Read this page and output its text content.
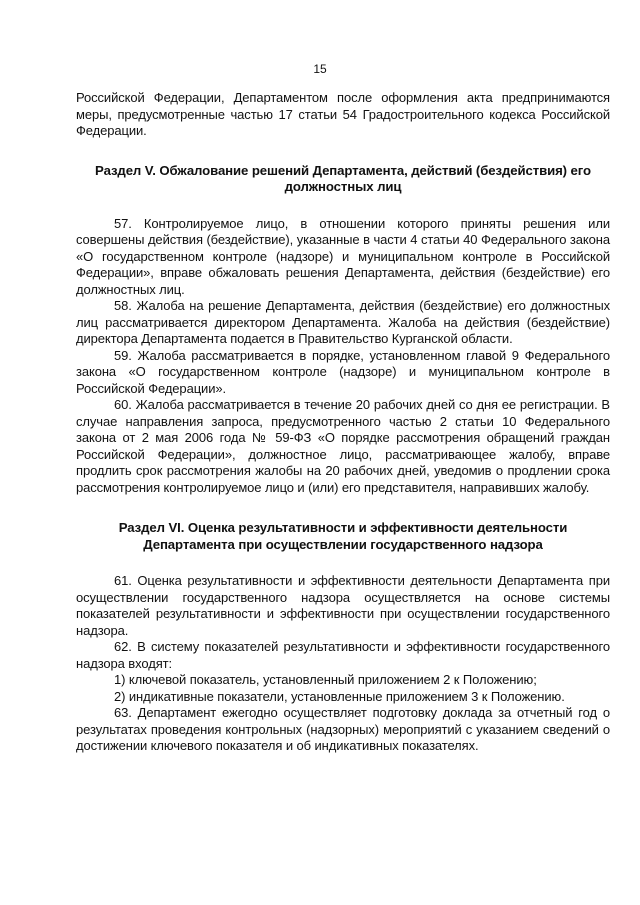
15

Российской Федерации, Департаментом после оформления акта предпринимаются меры, предусмотренные частью 17 статьи 54 Градостроительного кодекса Российской Федерации.

Раздел V. Обжалование решений Департамента, действий (бездействия) его должностных лиц

57. Контролируемое лицо, в отношении которого приняты решения или совершены действия (бездействие), указанные в части 4 статьи 40 Федерального закона «О государственном контроле (надзоре) и муниципальном контроле в Российской Федерации», вправе обжаловать решения Департамента, действия (бездействие) его должностных лиц.

58. Жалоба на решение Департамента, действия (бездействие) его должностных лиц рассматривается директором Департамента. Жалоба на действия (бездействие) директора Департамента подается в Правительство Курганской области.

59. Жалоба рассматривается в порядке, установленном главой 9 Федерального закона «О государственном контроле (надзоре) и муниципальном контроле в Российской Федерации».

60. Жалоба рассматривается в течение 20 рабочих дней со дня ее регистрации. В случае направления запроса, предусмотренного частью 2 статьи 10 Федерального закона от 2 мая 2006 года № 59-ФЗ «О порядке рассмотрения обращений граждан Российской Федерации», должностное лицо, рассматривающее жалобу, вправе продлить срок рассмотрения жалобы на 20 рабочих дней, уведомив о продлении срока рассмотрения контролируемое лицо и (или) его представителя, направивших жалобу.

Раздел VI. Оценка результативности и эффективности деятельности Департамента при осуществлении государственного надзора

61. Оценка результативности и эффективности деятельности Департамента при осуществлении государственного надзора осуществляется на основе системы показателей результативности и эффективности при осуществлении государственного надзора.

62. В систему показателей результативности и эффективности государственного надзора входят:

1) ключевой показатель, установленный приложением 2 к Положению;

2) индикативные показатели, установленные приложением 3 к Положению.

63. Департамент ежегодно осуществляет подготовку доклада за отчетный год о результатах проведения контрольных (надзорных) мероприятий с указанием сведений о достижении ключевого показателя и об индикативных показателях.
